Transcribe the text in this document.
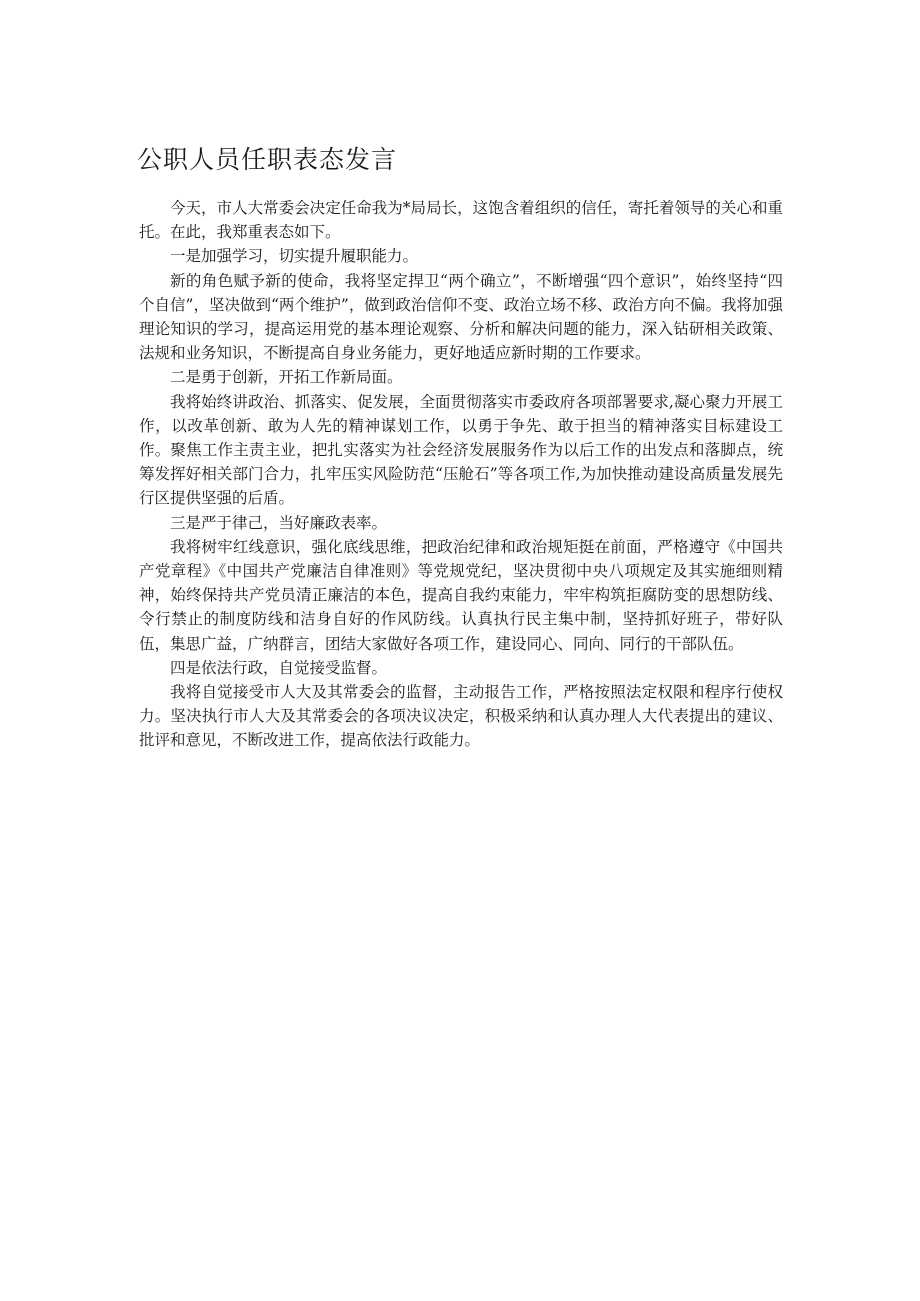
公职人员任职表态发言

今天，市人大常委会决定任命我为*局局长，这饱含着组织的信任，寄托着领导的关心和重托。在此，我郑重表态如下。

一是加强学习，切实提升履职能力。

新的角色赋予新的使命，我将坚定捍卫“两个确立”，不断增强“四个意识”，始终坚持“四个自信”，坚决做到“两个维护”，做到政治信仰不变、政治立场不移、政治方向不偏。我将加强理论知识的学习，提高运用党的基本理论观察、分析和解决问题的能力，深入钻研相关政策、法规和业务知识，不断提高自身业务能力，更好地适应新时期的工作要求。

二是勇于创新，开拓工作新局面。

我将始终讲政治、抓落实、促发展，全面贯彻落实市委政府各项部署要求,凝心聚力开展工作，以改革创新、敢为人先的精神谋划工作，以勇于争先、敢于担当的精神落实目标建设工作。聚焦工作主责主业，把扎实落实为社会经济发展服务作为以后工作的出发点和落脚点，统筹发挥好相关部门合力，扎牢压实风险防范“压舱石”等各项工作,为加快推动建设高质量发展先行区提供坚强的后盾。

三是严于律己，当好廉政表率。

我将树牢红线意识，强化底线思维，把政治纪律和政治规矩挺在前面，严格遵守《中国共产党章程》《中国共产党廉洁自律准则》等党规党纪，坚决贯彻中央八项规定及其实施细则精神，始终保持共产党员清正廉洁的本色，提高自我约束能力，牢牢构筑拒腐防变的思想防线、令行禁止的制度防线和洁身自好的作风防线。认真执行民主集中制，坚持抓好班子，带好队伍，集思广益，广纳群言，团结大家做好各项工作，建设同心、同向、同行的干部队伍。

四是依法行政，自觉接受监督。

我将自觉接受市人大及其常委会的监督，主动报告工作，严格按照法定权限和程序行使权力。坚决执行市人大及其常委会的各项决议决定，积极采纳和认真办理人大代表提出的建议、批评和意见，不断改进工作，提高依法行政能力。
